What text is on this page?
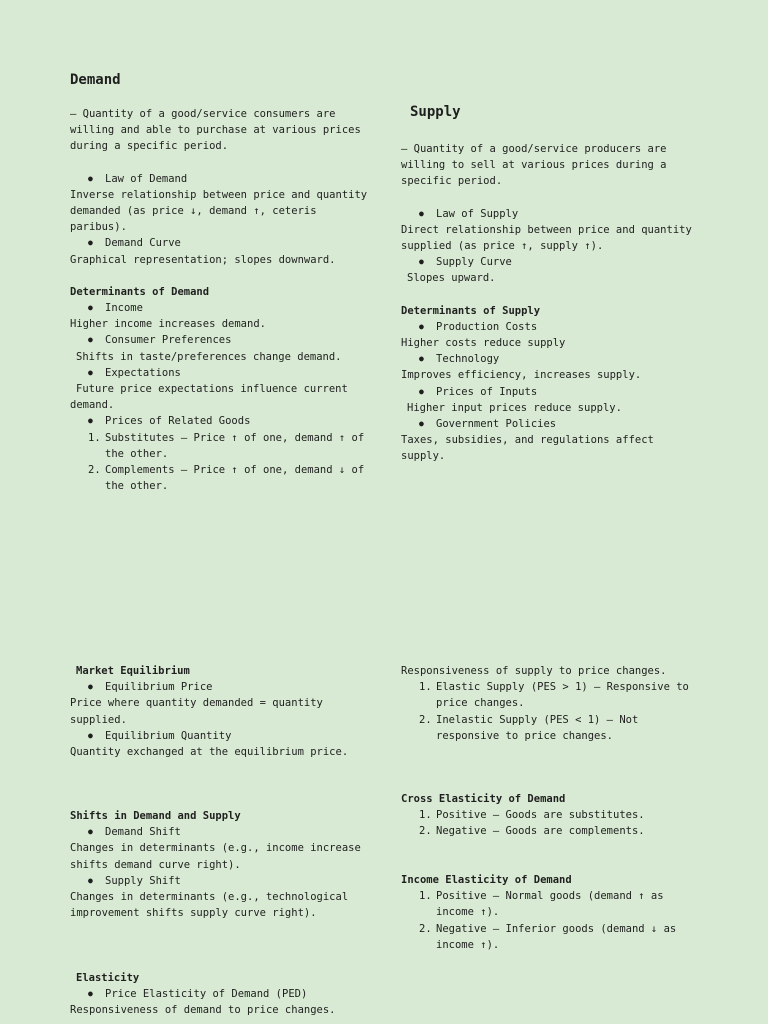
Demand

– Quantity of a good/service consumers are willing and able to purchase at various prices during a specific period.

● Law of Demand

Inverse relationship between price and quantity demanded (as price ↓, demand ↑, ceteris paribus).

● Demand Curve

Graphical representation; slopes downward.

Determinants of Demand

● Income

Higher income increases demand.

● Consumer Preferences

Shifts in taste/preferences change demand.

● Expectations

Future price expectations influence current demand.

● Prices of Related Goods
1. Substitutes – Price ↑ of one, demand ↑ of the other.
2. Complements – Price ↑ of one, demand ↓ of the other.
Supply

– Quantity of a good/service producers are willing to sell at various prices during a specific period.

● Law of Supply

Direct relationship between price and quantity supplied (as price ↑, supply ↑).

● Supply Curve

Slopes upward.

Determinants of Supply

● Production Costs

Higher costs reduce supply

● Technology

Improves efficiency, increases supply.

● Prices of Inputs

Higher input prices reduce supply.

● Government Policies

Taxes, subsidies, and regulations affect supply.

Market Equilibrium

● Equilibrium Price

Price where quantity demanded = quantity supplied.

● Equilibrium Quantity

Quantity exchanged at the equilibrium price.

Shifts in Demand and Supply

● Demand Shift

Changes in determinants (e.g., income increase shifts demand curve right).

● Supply Shift

Changes in determinants (e.g., technological improvement shifts supply curve right).

Elasticity

● Price Elasticity of Demand (PED)

Responsiveness of demand to price changes.

Responsiveness of supply to price changes.

1. Elastic Supply (PES > 1) – Responsive to price changes.
2. Inelastic Supply (PES < 1) – Not responsive to price changes.

Cross Elasticity of Demand

1. Positive – Goods are substitutes.
2. Negative – Goods are complements.

Income Elasticity of Demand

1. Positive – Normal goods (demand ↑ as income ↑).
2. Negative – Inferior goods (demand ↓ as income ↑).
